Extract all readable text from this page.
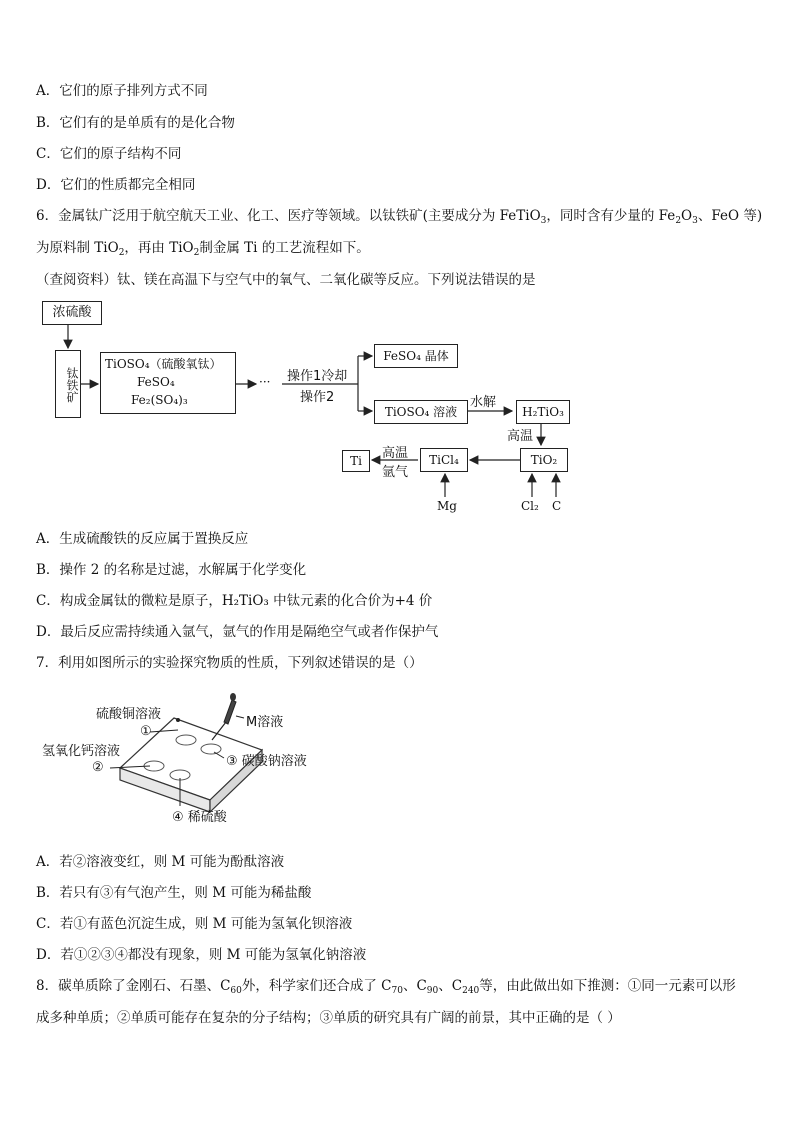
A．它们的原子排列方式不同
B．它们有的是单质有的是化合物
C．它们的原子结构不同
D．它们的性质都完全相同
6．金属钛广泛用于航空航天工业、化工、医疗等领域。以钛铁矿(主要成分为 FeTiO$_3$，同时含有少量的 $Fe_2O_3$、FeO 等)
为原料制 TiO$_2$，再由 TiO$_2$制金属 Ti 的工艺流程如下。
（查阅资料）钛、镁在高温下与空气中的氧气、二氧化碳等反应。下列说法错误的是
浓硫酸
钛铁矿
TiOSO₄（硫酸氧钛）
FeSO₄
Fe₂(SO₄)₃
··· 操作1冷却
操作2
FeSO₄ 晶体
TiOSO₄ 溶液
水解
H₂TiO₃
高温
TiO₂
TiCl₄
Ti	高温
氩气
Mg	Cl₂ C
A．生成硫酸铁的反应属于置换反应
B．操作 2 的名称是过滤，水解属于化学变化
C．构成金属钛的微粒是原子，H₂TiO₃ 中钛元素的化合价为+4 价
D．最后反应需持续通入氩气，氩气的作用是隔绝空气或者作保护气
7．利用如图所示的实验探究物质的性质，下列叙述错误的是（）
硫酸铜溶液
M溶液
①
氢氧化钙溶液
②	③ 碳酸钠溶液
④ 稀硫酸
A．若②溶液变红，则 M 可能为酚酞溶液
B．若只有③有气泡产生，则 M 可能为稀盐酸
C．若①有蓝色沉淀生成，则 M 可能为氢氧化钡溶液
D．若①②③④都没有现象，则 M 可能为氢氧化钠溶液
8．碳单质除了金刚石、石墨、$C_{60}$外，科学家们还合成了 $C_{70}$、$C_{90}$、$C_{240}$等，由此做出如下推测：①同一元素可以形
成多种单质；②单质可能存在复杂的分子结构；③单质的研究具有广阔的前景，其中正确的是（ ）
